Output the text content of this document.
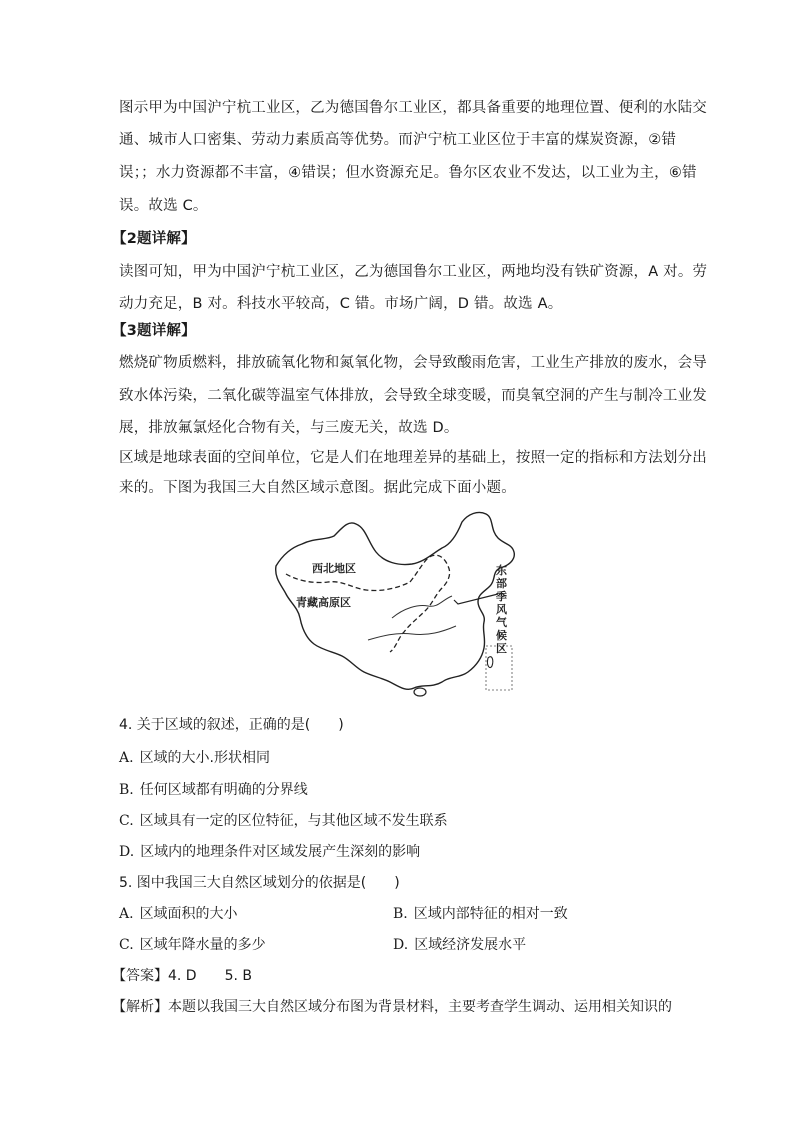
图示甲为中国沪宁杭工业区，乙为德国鲁尔工业区，都具备重要的地理位置、便利的水陆交
通、城市人口密集、劳动力素质高等优势。而沪宁杭工业区位于丰富的煤炭资源，②错
误；；水力资源都不丰富，④错误；但水资源充足。鲁尔区农业不发达，以工业为主，⑥错
误。故选 C。
【2题详解】
读图可知，甲为中国沪宁杭工业区，乙为德国鲁尔工业区，两地均没有铁矿资源，A 对。劳
动力充足，B 对。科技水平较高，C 错。市场广阔，D 错。故选 A。
【3题详解】
燃烧矿物质燃料，排放硫氧化物和氮氧化物，会导致酸雨危害，工业生产排放的废水，会导
致水体污染，二氧化碳等温室气体排放，会导致全球变暖，而臭氧空洞的产生与制冷工业发
展，排放氟氯烃化合物有关，与三废无关，故选 D。
区域是地球表面的空间单位，它是人们在地理差异的基础上，按照一定的指标和方法划分出
来的。下图为我国三大自然区域示意图。据此完成下面小题。
西北地区
青藏高原区
东
部
季
风
气
候
区
4. 关于区域的叙述，正确的是(　　)
A. 区域的大小.形状相同
B. 任何区域都有明确的分界线
C. 区域具有一定的区位特征，与其他区域不发生联系
D. 区域内的地理条件对区域发展产生深刻的影响
5. 图中我国三大自然区域划分的依据是(　　)
A. 区域面积的大小	B. 区域内部特征的相对一致
C. 区域年降水量的多少	D. 区域经济发展水平
【答案】4. D　　5. B
【解析】本题以我国三大自然区域分布图为背景材料，主要考查学生调动、运用相关知识的
